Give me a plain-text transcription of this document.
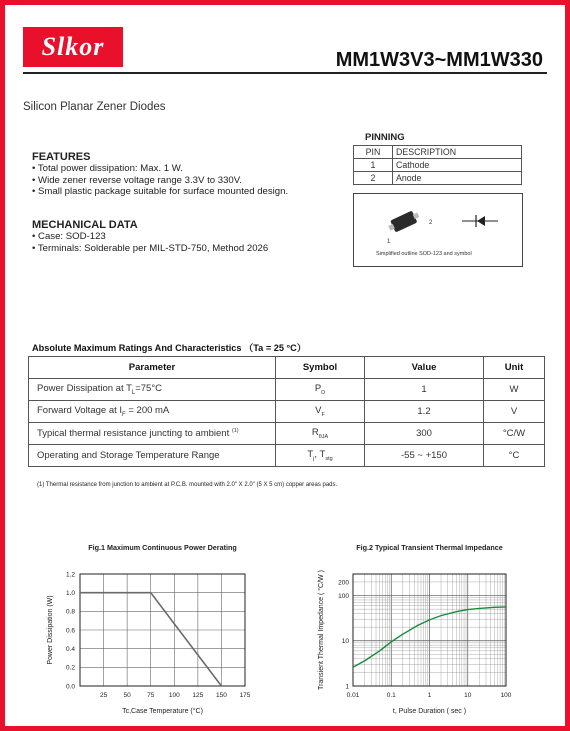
Slkor	MM1W3V3~MM1W330
Silicon Planar Zener Diodes
FEATURES
• Total power dissipation: Max. 1 W.
• Wide zener reverse voltage range 3.3V to 330V.
• Small plastic package suitable for surface mounted design.
MECHANICAL DATA
• Case: SOD-123
• Terminals: Solderable per MIL-STD-750, Method 2026
PINNING
PIN	DESCRIPTION
1	Cathode
2	Anode
1
2
Simplified outline SOD-123 and symbol
Absolute Maximum Ratings And Characteristics （Ta = 25 °C）
Parameter	Symbol	Value	Unit
Power Dissipation at $T_L=75^\circ C$	$P_D$	1	W
Forward Voltage at $I_F = 200$ mA	$V_F$	1.2	V
Typical thermal resistance juncting to ambient $^{(1)}$	$R_{\theta JA}$	300	°C/W
Operating and Storage Temperature Range	$T_j$, $T_{stg}$	-55 ~ +150	°C
(1) Thermal resistance from junction to ambient at P.C.B. mounted with 2.0" X 2.0" (5 X 5 cm) copper areas pads.
Fig.1 Maximum Continuous Power Derating
25	50	75 100 125 150 175
0.0
0.2
0.4
0.6
0.8
1.0
1.2
Tc,Case Temperature (°C)
Power Dissipation (W)
Fig.2 Typical Transient Thermal Impedance
0.01	0.1	1	10	100
1
10
100
200
t, Pulse Duration ( sec )
Transient Thermal Impedance ( °C/W )
